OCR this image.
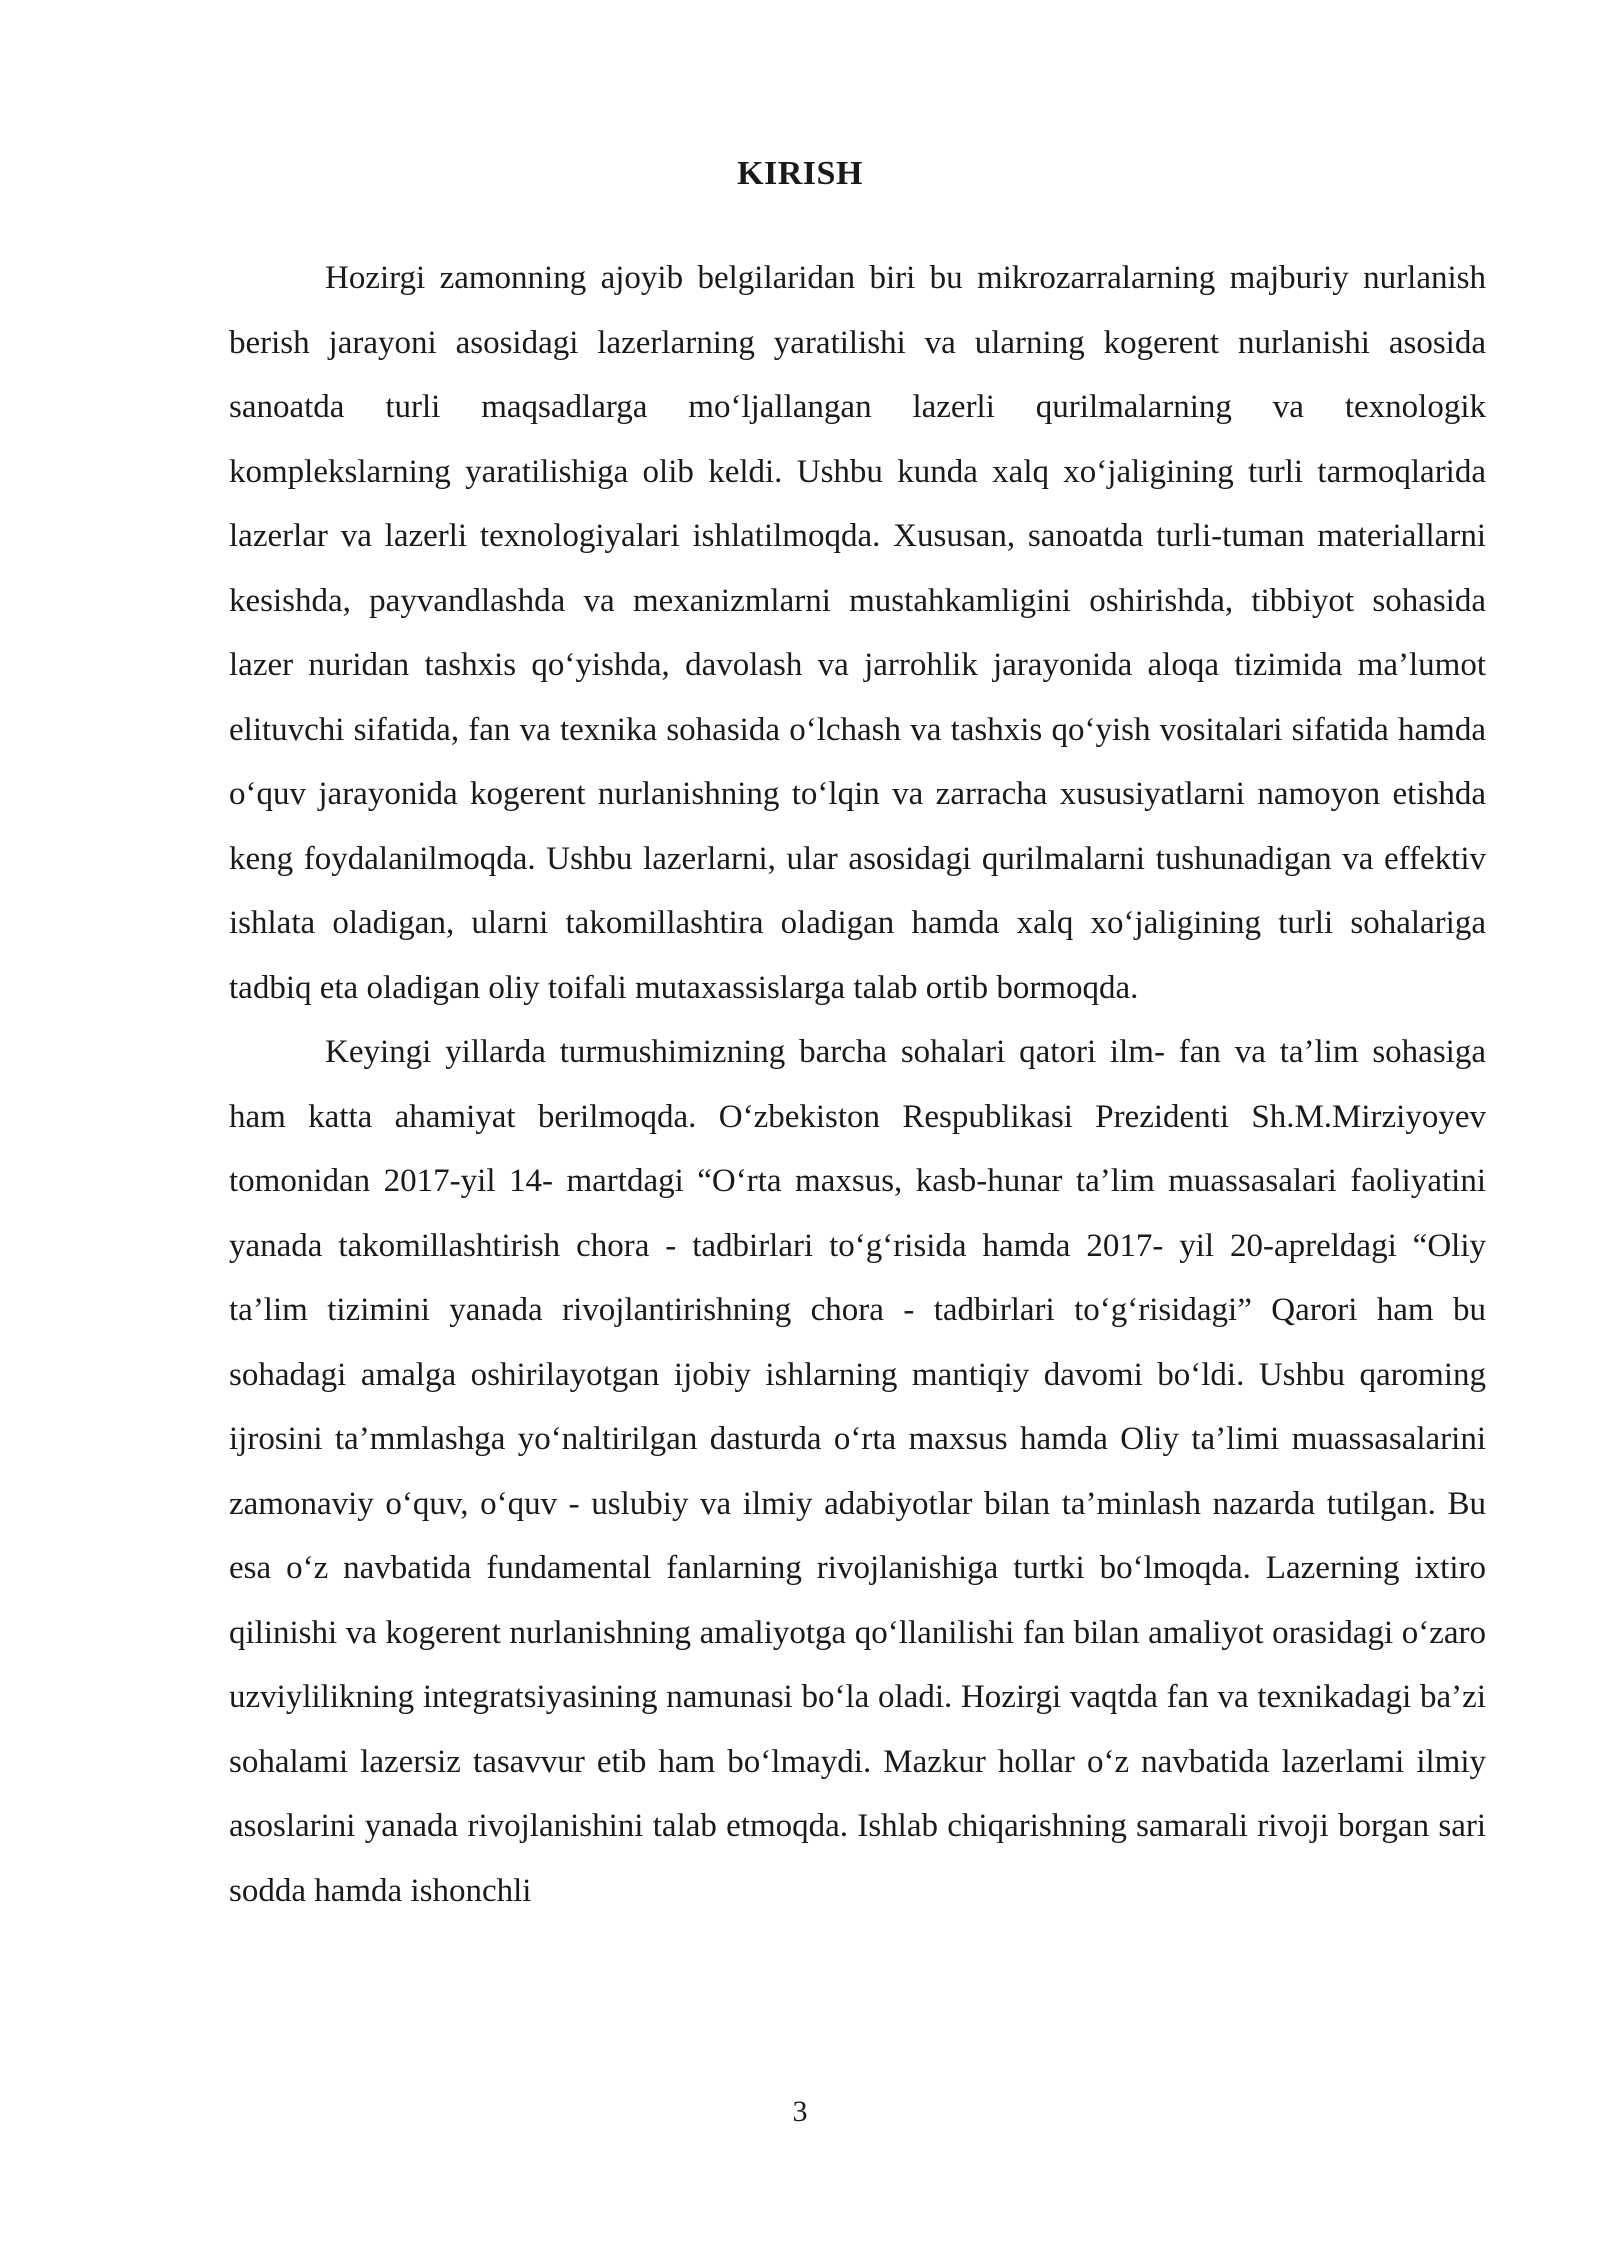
KIRISH

Hozirgi zamonning ajoyib belgilaridan biri bu mikrozarralarning majburiy nurlanish berish jarayoni asosidagi lazerlarning yaratilishi va ularning kogerent nurlanishi asosida sanoatda turli maqsadlarga mo‘ljallangan lazerli qurilmalarning va texnologik komplekslarning yaratilishiga olib keldi. Ushbu kunda xalq xo‘jaligining turli tarmoqlarida lazerlar va lazerli texnologiyalari ishlatilmoqda. Xususan, sanoatda turli-tuman materiallarni kesishda, payvandlashda va mexanizmlarni mustahkamligini oshirishda, tibbiyot sohasida lazer nuridan tashxis qo‘yishda, davolash va jarrohlik jarayonida aloqa tizimida ma’lumot elituvchi sifatida, fan va texnika sohasida o‘lchash va tashxis qo‘yish vositalari sifatida hamda o‘quv jarayonida kogerent nurlanishning to‘lqin va zarracha xususiyatlarni namoyon etishda keng foydalanilmoqda. Ushbu lazerlarni, ular asosidagi qurilmalarni tushunadigan va effektiv ishlata oladigan, ularni takomillashtira oladigan hamda xalq xo‘jaligining turli sohalariga tadbiq eta oladigan oliy toifali mutaxassislarga talab ortib bormoqda.

Keyingi yillarda turmushimizning barcha sohalari qatori ilm- fan va ta’lim sohasiga ham katta ahamiyat berilmoqda. O‘zbekiston Respublikasi Prezidenti Sh.M.Mirziyoyev tomonidan 2017-yil 14- martdagi “O‘rta maxsus, kasb-hunar ta’lim muassasalari faoliyatini yanada takomillashtirish chora - tadbirlari to‘g‘risida hamda 2017- yil 20-apreldagi “Oliy ta’lim tizimini yanada rivojlantirishning chora - tadbirlari to‘g‘risidagi” Qarori ham bu sohadagi amalga oshirilayotgan ijobiy ishlarning mantiqiy davomi bo‘ldi. Ushbu qaroming ijrosini ta’mmlashga yo‘naltirilgan dasturda o‘rta maxsus hamda Oliy ta’limi muassasalarini zamonaviy o‘quv, o‘quv - uslubiy va ilmiy adabiyotlar bilan ta’minlash nazarda tutilgan. Bu esa o‘z navbatida fundamental fanlarning rivojlanishiga turtki bo‘lmoqda. Lazerning ixtiro qilinishi va kogerent nurlanishning amaliyotga qo‘llanilishi fan bilan amaliyot orasidagi o‘zaro uzviylilikning integratsiyasining namunasi bo‘la oladi. Hozirgi vaqtda fan va texnikadagi ba’zi sohalami lazersiz tasavvur etib ham bo‘lmaydi. Mazkur hollar o‘z navbatida lazerlami ilmiy asoslarini yanada rivojlanishini talab etmoqda. Ishlab chiqarishning samarali rivoji borgan sari sodda hamda ishonchli

3
